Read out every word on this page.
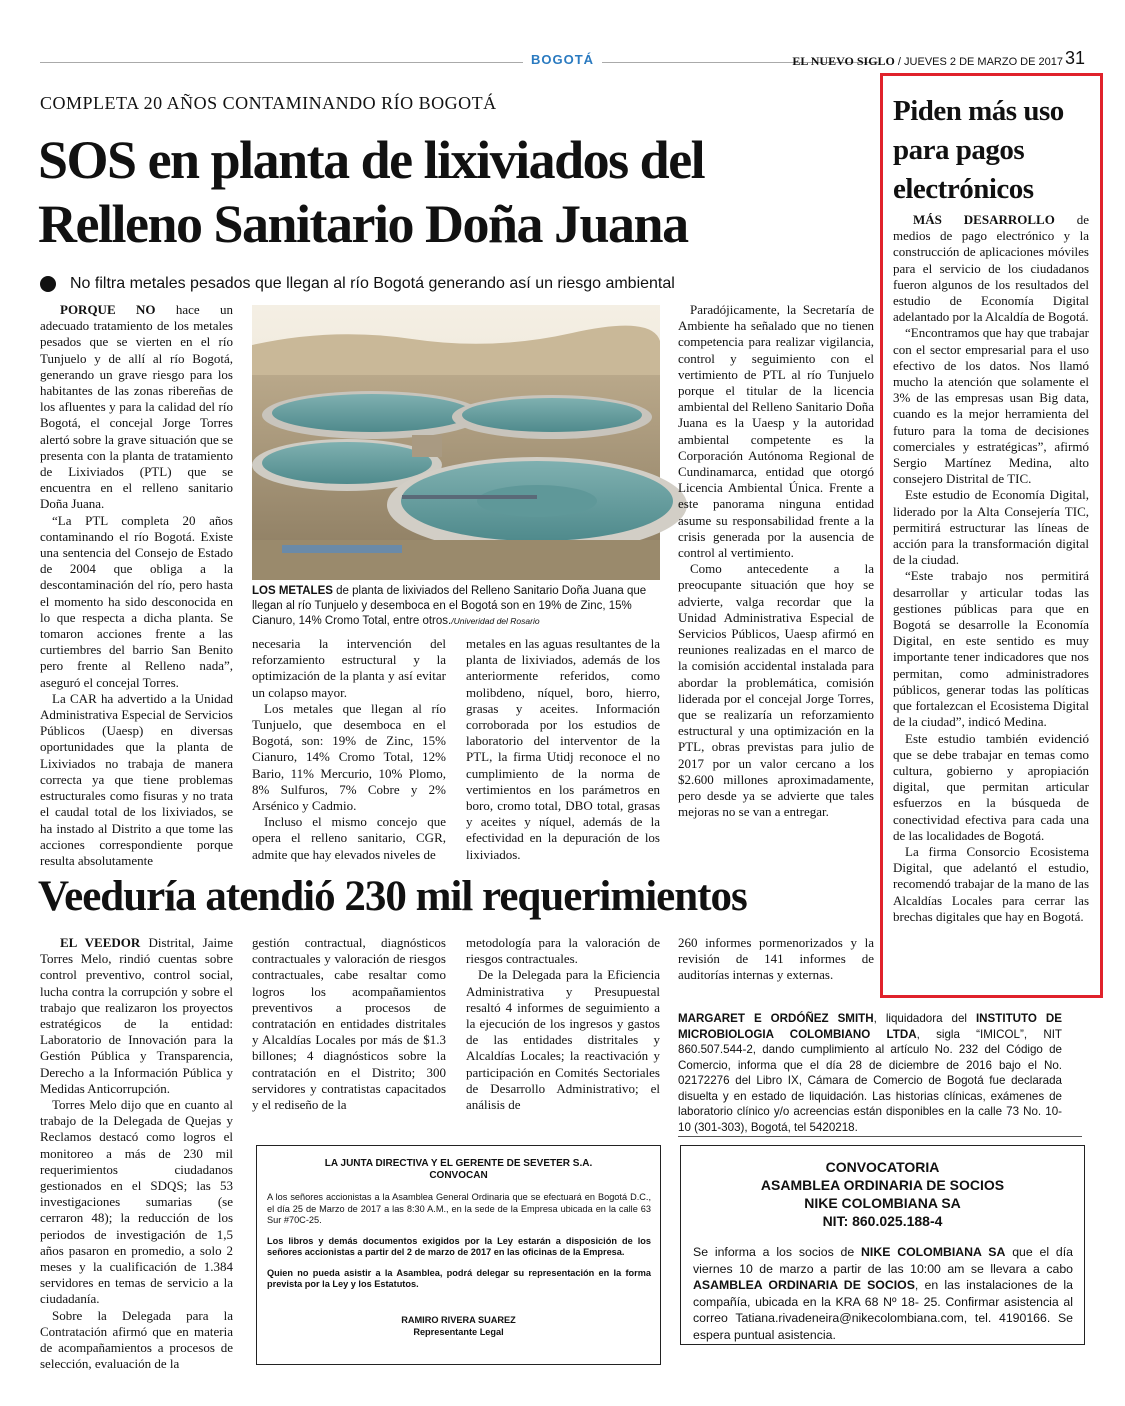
BOGOTÁ	EL NUEVO SIGLO / JUEVES 2 DE MARZO DE 2017 31
COMPLETA 20 AÑOS CONTAMINANDO RÍO BOGOTÁ
SOS en planta de lixiviados del Relleno Sanitario Doña Juana
No filtra metales pesados que llegan al río Bogotá generando así un riesgo ambiental

PORQUE NO hace un adecuado tratamiento de los metales pesados que se vierten en el río Tunjuelo y de allí al río Bogotá, generando un grave riesgo para los habitantes de las zonas ribereñas de los afluentes y para la calidad del río Bogotá, el concejal Jorge Torres alertó sobre la grave situación que se presenta con la planta de tratamiento de Lixiviados (PTL) que se encuentra en el relleno sanitario Doña Juana.

“La PTL completa 20 años contaminando el río Bogotá. Existe una sentencia del Consejo de Estado de 2004 que obliga a la descontaminación del río, pero hasta el momento ha sido desconocida en lo que respecta a dicha planta. Se tomaron acciones frente a las curtiembres del barrio San Benito pero frente al Relleno nada”, aseguró el concejal Torres.

La CAR ha advertido a la Unidad Administrativa Especial de Servicios Públicos (Uaesp) en diversas oportunidades que la planta de Lixiviados no trabaja de manera correcta ya que tiene problemas estructurales como fisuras y no trata el caudal total de los lixiviados, se ha instado al Distrito a que tome las acciones correspondiente porque resulta absolutamente

LOS METALES de planta de lixiviados del Relleno Sanitario Doña Juana que llegan al río Tunjuelo y desemboca en el Bogotá son en 19% de Zinc, 15% Cianuro, 14% Cromo Total, entre otros./Univeridad del Rosario

necesaria la intervención del reforzamiento estructural y la optimización de la planta y así evitar un colapso mayor.

Los metales que llegan al río Tunjuelo, que desemboca en el Bogotá, son: 19% de Zinc, 15% Cianuro, 14% Cromo Total, 12% Bario, 11% Mercurio, 10% Plomo, 8% Sulfuros, 7% Cobre y 2% Arsénico y Cadmio.

Incluso el mismo concejo que opera el relleno sanitario, CGR, admite que hay elevados niveles de

metales en las aguas resultantes de la planta de lixiviados, además de los anteriormente referidos, como molibdeno, níquel, boro, hierro, grasas y aceites. Información corroborada por los estudios de laboratorio del interventor de la PTL, la firma Utidj reconoce el no cumplimiento de la norma de vertimientos en los parámetros en boro, cromo total, DBO total, grasas y aceites y níquel, además de la efectividad en la depuración de los lixiviados.

Paradójicamente, la Secretaría de Ambiente ha señalado que no tienen competencia para realizar vigilancia, control y seguimiento con el vertimiento de PTL al río Tunjuelo porque el titular de la licencia ambiental del Relleno Sanitario Doña Juana es la Uaesp y la autoridad ambiental competente es la Corporación Autónoma Regional de Cundinamarca, entidad que otorgó Licencia Ambiental Única. Frente a este panorama ninguna entidad asume su responsabilidad frente a la crisis generada por la ausencia de control al vertimiento.

Como antecedente a la preocupante situación que hoy se advierte, valga recordar que la Unidad Administrativa Especial de Servicios Públicos, Uaesp afirmó en reuniones realizadas en el marco de la comisión accidental instalada para abordar la problemática, comisión liderada por el concejal Jorge Torres, que se realizaría un reforzamiento estructural y una optimización en la PTL, obras previstas para julio de 2017 por un valor cercano a los $2.600 millones aproximadamente, pero desde ya se advierte que tales mejoras no se van a entregar.

Veeduría atendió 230 mil requerimientos

EL VEEDOR Distrital, Jaime Torres Melo, rindió cuentas sobre control preventivo, control social, lucha contra la corrupción y sobre el trabajo que realizaron los proyectos estratégicos de la entidad: Laboratorio de Innovación para la Gestión Pública y Transparencia, Derecho a la Información Pública y Medidas Anticorrupción.

Torres Melo dijo que en cuanto al trabajo de la Delegada de Quejas y Reclamos destacó como logros el monitoreo a más de 230 mil requerimientos ciudadanos gestionados en el SDQS; las 53 investigaciones sumarias (se cerraron 48); la reducción de los periodos de investigación de 1,5 años pasaron en promedio, a solo 2 meses y la cualificación de 1.384 servidores en temas de servicio a la ciudadanía.

Sobre la Delegada para la Contratación afirmó que en materia de acompañamientos a procesos de selección, evaluación de la

gestión contractual, diagnósticos contractuales y valoración de riesgos contractuales, cabe resaltar como logros los acompañamientos preventivos a procesos de contratación en entidades distritales y Alcaldías Locales por más de $1.3 billones; 4 diagnósticos sobre la contratación en el Distrito; 300 servidores y contratistas capacitados y el rediseño de la

metodología para la valoración de riesgos contractuales.

De la Delegada para la Eficiencia Administrativa y Presupuestal resaltó 4 informes de seguimiento a la ejecución de los ingresos y gastos de las entidades distritales y Alcaldías Locales; la reactivación y participación en Comités Sectoriales de Desarrollo Administrativo; el análisis de

260 informes pormenorizados y la revisión de 141 informes de auditorías internas y externas.

Piden más uso para pagos electrónicos

MÁS DESARROLLO de medios de pago electrónico y la construcción de aplicaciones móviles para el servicio de los ciudadanos fueron algunos de los resultados del estudio de Economía Digital adelantado por la Alcaldía de Bogotá.

“Encontramos que hay que trabajar con el sector empresarial para el uso efectivo de los datos. Nos llamó mucho la atención que solamente el 3% de las empresas usan Big data, cuando es la mejor herramienta del futuro para la toma de decisiones comerciales y estratégicas”, afirmó Sergio Martínez Medina, alto consejero Distrital de TIC.

Este estudio de Economía Digital, liderado por la Alta Consejería TIC, permitirá estructurar las líneas de acción para la transformación digital de la ciudad.

“Este trabajo nos permitirá desarrollar y articular todas las gestiones públicas para que en Bogotá se desarrolle la Economía Digital, en este sentido es muy importante tener indicadores que nos permitan, como administradores públicos, generar todas las políticas que fortalezcan el Ecosistema Digital de la ciudad”, indicó Medina.

Este estudio también evidenció que se debe trabajar en temas como cultura, gobierno y apropiación digital, que permitan articular esfuerzos en la búsqueda de conectividad efectiva para cada una de las localidades de Bogotá.

La firma Consorcio Ecosistema Digital, que adelantó el estudio, recomendó trabajar de la mano de las Alcaldías Locales para cerrar las brechas digitales que hay en Bogotá.

MARGARET E ORDÓÑEZ SMITH, liquidadora del INSTITUTO DE MICROBIOLOGIA COLOMBIANO LTDA, sigla “IMICOL”, NIT 860.507.544-2, dando cumplimiento al artículo No. 232 del Código de Comercio, informa que el día 28 de diciembre de 2016 bajo el No. 02172276 del Libro IX, Cámara de Comercio de Bogotá fue declarada disuelta y en estado de liquidación. Las historias clínicas, exámenes de laboratorio clínico y/o acreencias están disponibles en la calle 73 No. 10-10 (301-303), Bogotá, tel 5420218.
LA JUNTA DIRECTIVA Y EL GERENTE DE SEVETER S.A.
CONVOCAN

A los señores accionistas a la Asamblea General Ordinaria que se efectuará en Bogotá D.C., el día 25 de Marzo de 2017 a las 8:30 A.M., en la sede de la Empresa ubicada en la calle 63 Sur #70C-25.

Los libros y demás documentos exigidos por la Ley estarán a disposición de los señores accionistas a partir del 2 de marzo de 2017 en las oficinas de la Empresa.

Quien no pueda asistir a la Asamblea, podrá delegar su representación en la forma prevista por la Ley y los Estatutos.

RAMIRO RIVERA SUAREZ
Representante Legal
CONVOCATORIA
ASAMBLEA ORDINARIA DE SOCIOS
NIKE COLOMBIANA SA
NIT: 860.025.188-4
Se informa a los socios de NIKE COLOMBIANA SA que el día viernes 10 de marzo a partir de las 10:00 am se llevara a cabo ASAMBLEA ORDINARIA DE SOCIOS, en las instalaciones de la compañía, ubicada en la KRA 68 Nº 18- 25. Confirmar asistencia al correo Tatiana.rivadeneira@nikecolombiana.com, tel. 4190166. Se espera puntual asistencia.
